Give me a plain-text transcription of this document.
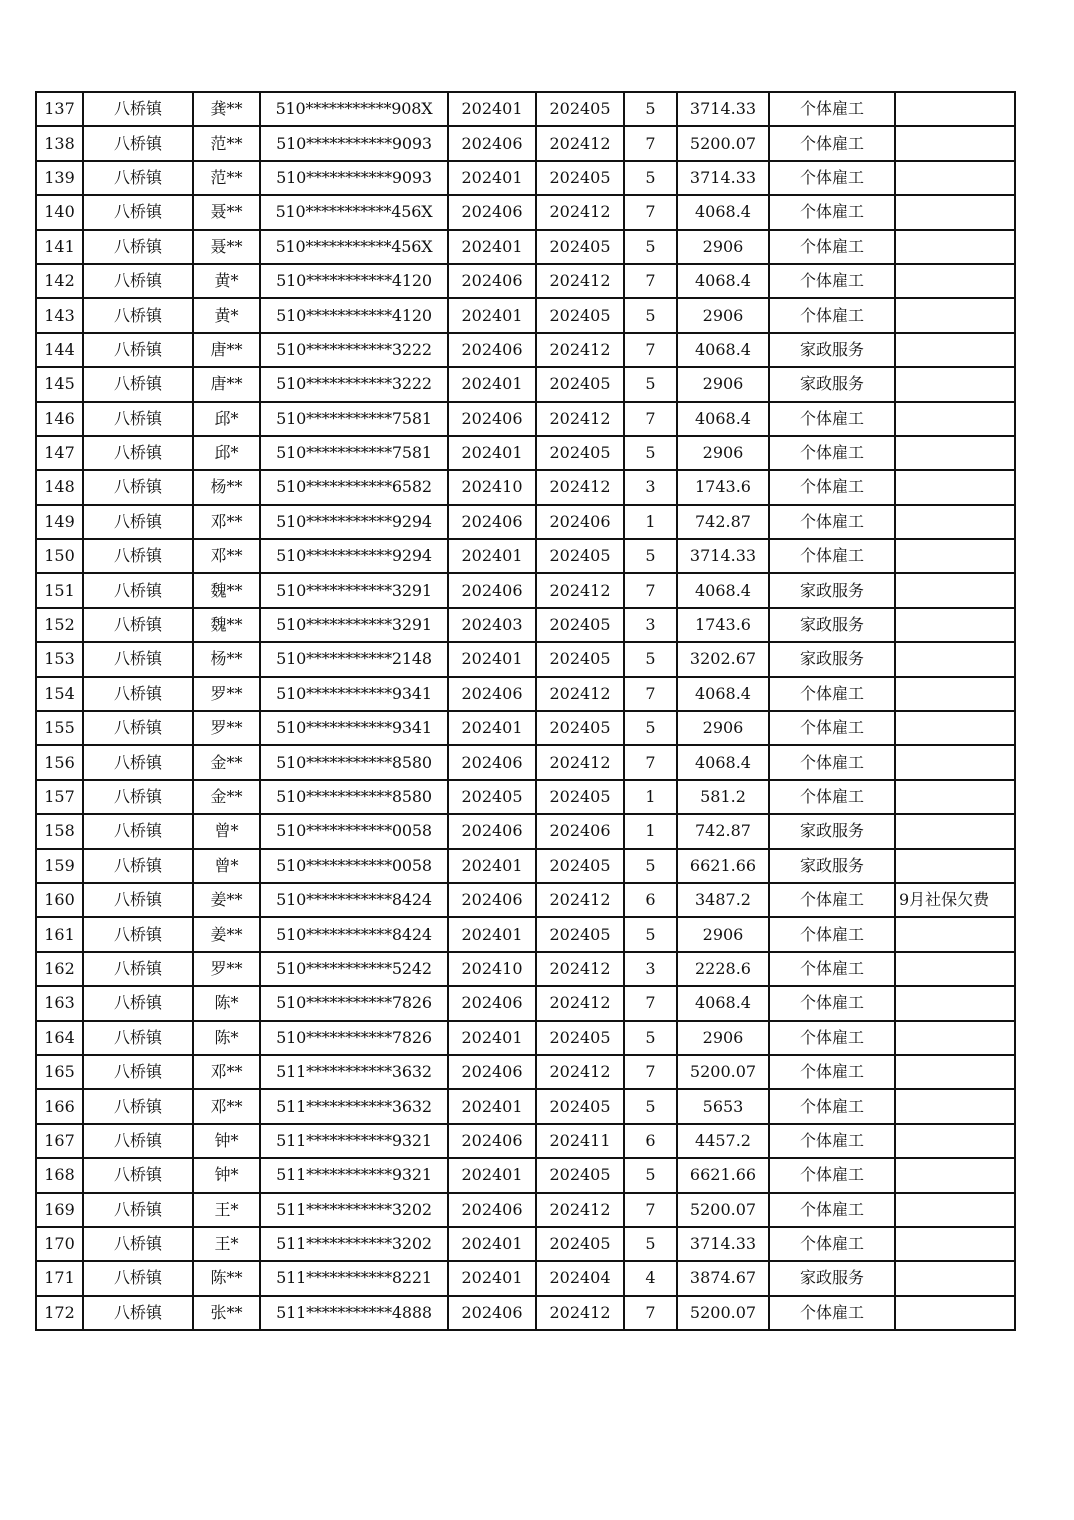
137	八桥镇	龚**	510***********908X	202401	202405	5	3714.33	个体雇工	
138	八桥镇	范**	510***********9093	202406	202412	7	5200.07	个体雇工	
139	八桥镇	范**	510***********9093	202401	202405	5	3714.33	个体雇工	
140	八桥镇	聂**	510***********456X	202406	202412	7	4068.4	个体雇工	
141	八桥镇	聂**	510***********456X	202401	202405	5	2906	个体雇工	
142	八桥镇	黄*	510***********4120	202406	202412	7	4068.4	个体雇工	
143	八桥镇	黄*	510***********4120	202401	202405	5	2906	个体雇工	
144	八桥镇	唐**	510***********3222	202406	202412	7	4068.4	家政服务	
145	八桥镇	唐**	510***********3222	202401	202405	5	2906	家政服务	
146	八桥镇	邱*	510***********7581	202406	202412	7	4068.4	个体雇工	
147	八桥镇	邱*	510***********7581	202401	202405	5	2906	个体雇工	
148	八桥镇	杨**	510***********6582	202410	202412	3	1743.6	个体雇工	
149	八桥镇	邓**	510***********9294	202406	202406	1	742.87	个体雇工	
150	八桥镇	邓**	510***********9294	202401	202405	5	3714.33	个体雇工	
151	八桥镇	魏**	510***********3291	202406	202412	7	4068.4	家政服务	
152	八桥镇	魏**	510***********3291	202403	202405	3	1743.6	家政服务	
153	八桥镇	杨**	510***********2148	202401	202405	5	3202.67	家政服务	
154	八桥镇	罗**	510***********9341	202406	202412	7	4068.4	个体雇工	
155	八桥镇	罗**	510***********9341	202401	202405	5	2906	个体雇工	
156	八桥镇	金**	510***********8580	202406	202412	7	4068.4	个体雇工	
157	八桥镇	金**	510***********8580	202405	202405	1	581.2	个体雇工	
158	八桥镇	曾*	510***********0058	202406	202406	1	742.87	家政服务	
159	八桥镇	曾*	510***********0058	202401	202405	5	6621.66	家政服务	
160	八桥镇	姜**	510***********8424	202406	202412	6	3487.2	个体雇工	9月社保欠费
161	八桥镇	姜**	510***********8424	202401	202405	5	2906	个体雇工	
162	八桥镇	罗**	510***********5242	202410	202412	3	2228.6	个体雇工	
163	八桥镇	陈*	510***********7826	202406	202412	7	4068.4	个体雇工	
164	八桥镇	陈*	510***********7826	202401	202405	5	2906	个体雇工	
165	八桥镇	邓**	511***********3632	202406	202412	7	5200.07	个体雇工	
166	八桥镇	邓**	511***********3632	202401	202405	5	5653	个体雇工	
167	八桥镇	钟*	511***********9321	202406	202411	6	4457.2	个体雇工	
168	八桥镇	钟*	511***********9321	202401	202405	5	6621.66	个体雇工	
169	八桥镇	王*	511***********3202	202406	202412	7	5200.07	个体雇工	
170	八桥镇	王*	511***********3202	202401	202405	5	3714.33	个体雇工	
171	八桥镇	陈**	511***********8221	202401	202404	4	3874.67	家政服务	
172	八桥镇	张**	511***********4888	202406	202412	7	5200.07	个体雇工	
